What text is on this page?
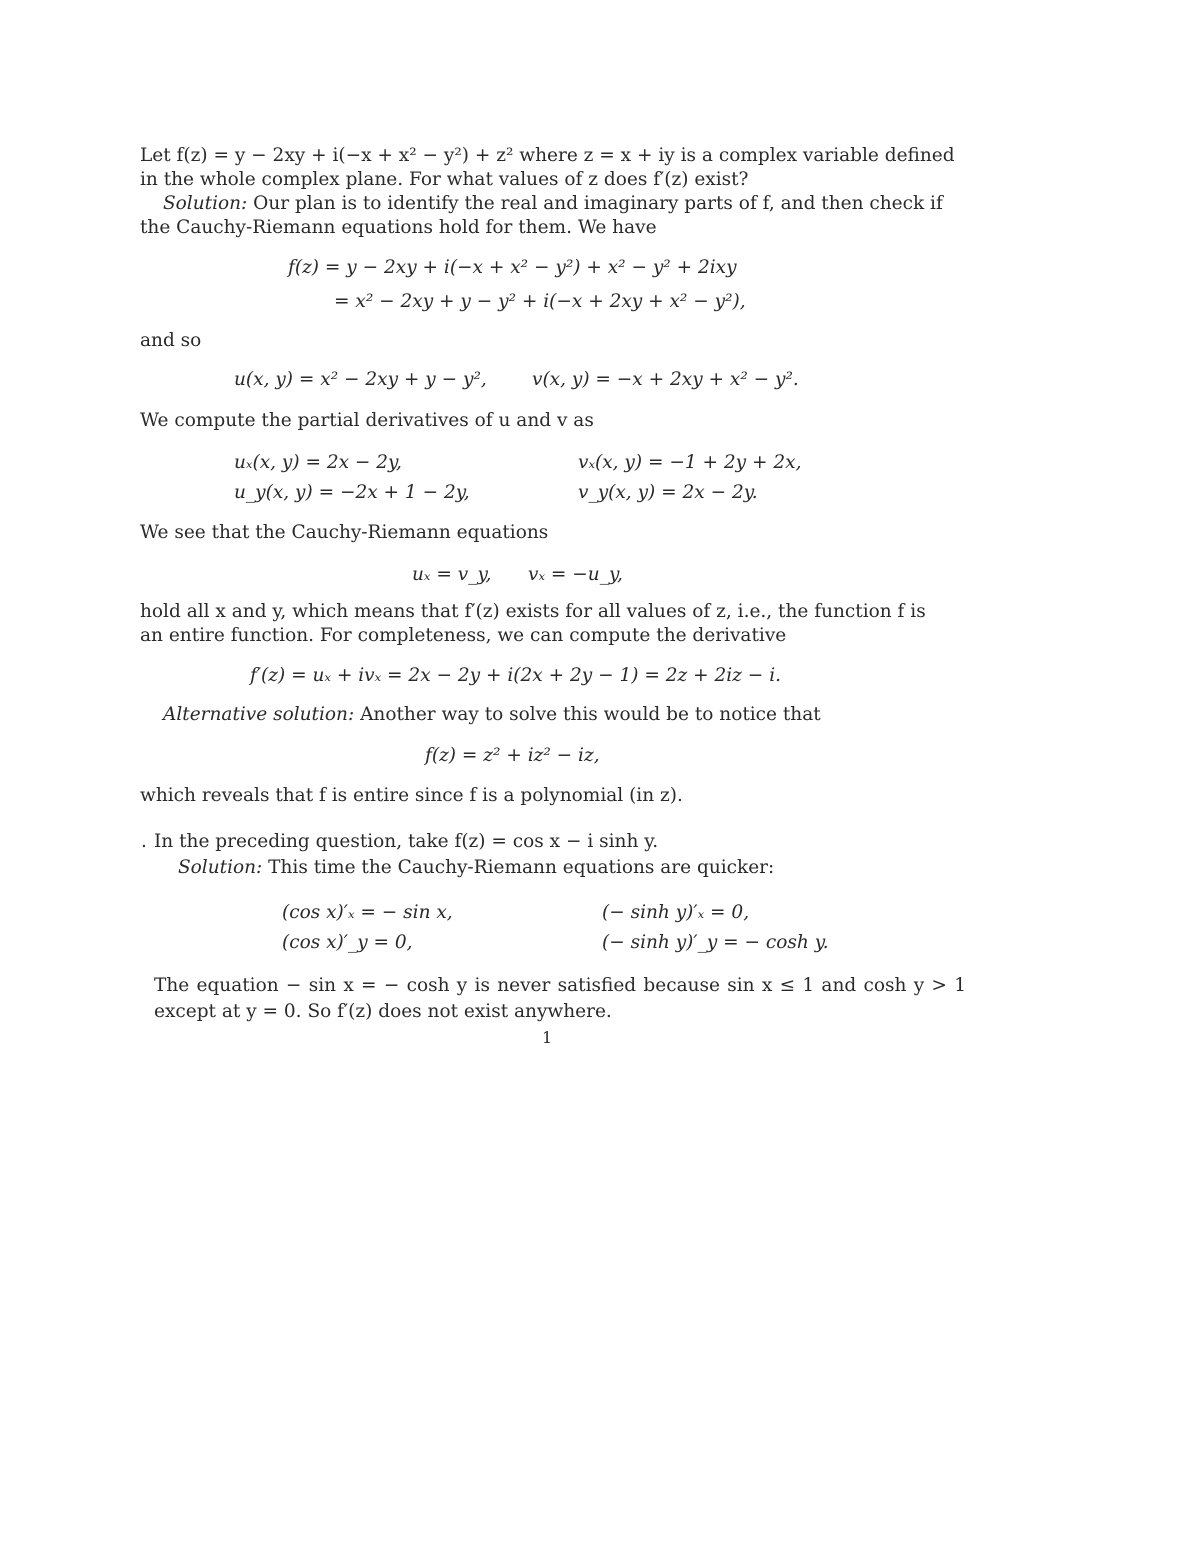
Let f(z) = y − 2xy + i(−x + x² − y²) + z² where z = x + iy is a complex variable defined
in the whole complex plane. For what values of z does f′(z) exist?
Solution: Our plan is to identify the real and imaginary parts of f, and then check if
the Cauchy-Riemann equations hold for them. We have
f(z) = y − 2xy + i(−x + x² − y²) + x² − y² + 2ixy
= x² − 2xy + y − y² + i(−x + 2xy + x² − y²),
and so
u(x, y) = x² − 2xy + y − y², v(x, y) = −x + 2xy + x² − y².
We compute the partial derivatives of u and v as
uₓ(x, y) = 2x − 2y,
u_y(x, y) = −2x + 1 − 2y,
vₓ(x, y) = −1 + 2y + 2x,
v_y(x, y) = 2x − 2y.
We see that the Cauchy-Riemann equations
uₓ = v_y, vₓ = −u_y,
hold all x and y, which means that f′(z) exists for all values of z, i.e., the function f is
an entire function. For completeness, we can compute the derivative
f′(z) = uₓ + ivₓ = 2x − 2y + i(2x + 2y − 1) = 2z + 2iz − i.
Alternative solution: Another way to solve this would be to notice that
f(z) = z² + iz² − iz,
which reveals that f is entire since f is a polynomial (in z).
. In the preceding question, take f(z) = cos x − i sinh y.
Solution: This time the Cauchy-Riemann equations are quicker:
(cos x)′ₓ = − sin x,
(cos x)′_y = 0,
(− sinh y)′ₓ = 0,
(− sinh y)′_y = − cosh y.
The equation − sin x = − cosh y is never satisfied because sin x ≤ 1 and cosh y > 1
except at y = 0. So f′(z) does not exist anywhere.
1
